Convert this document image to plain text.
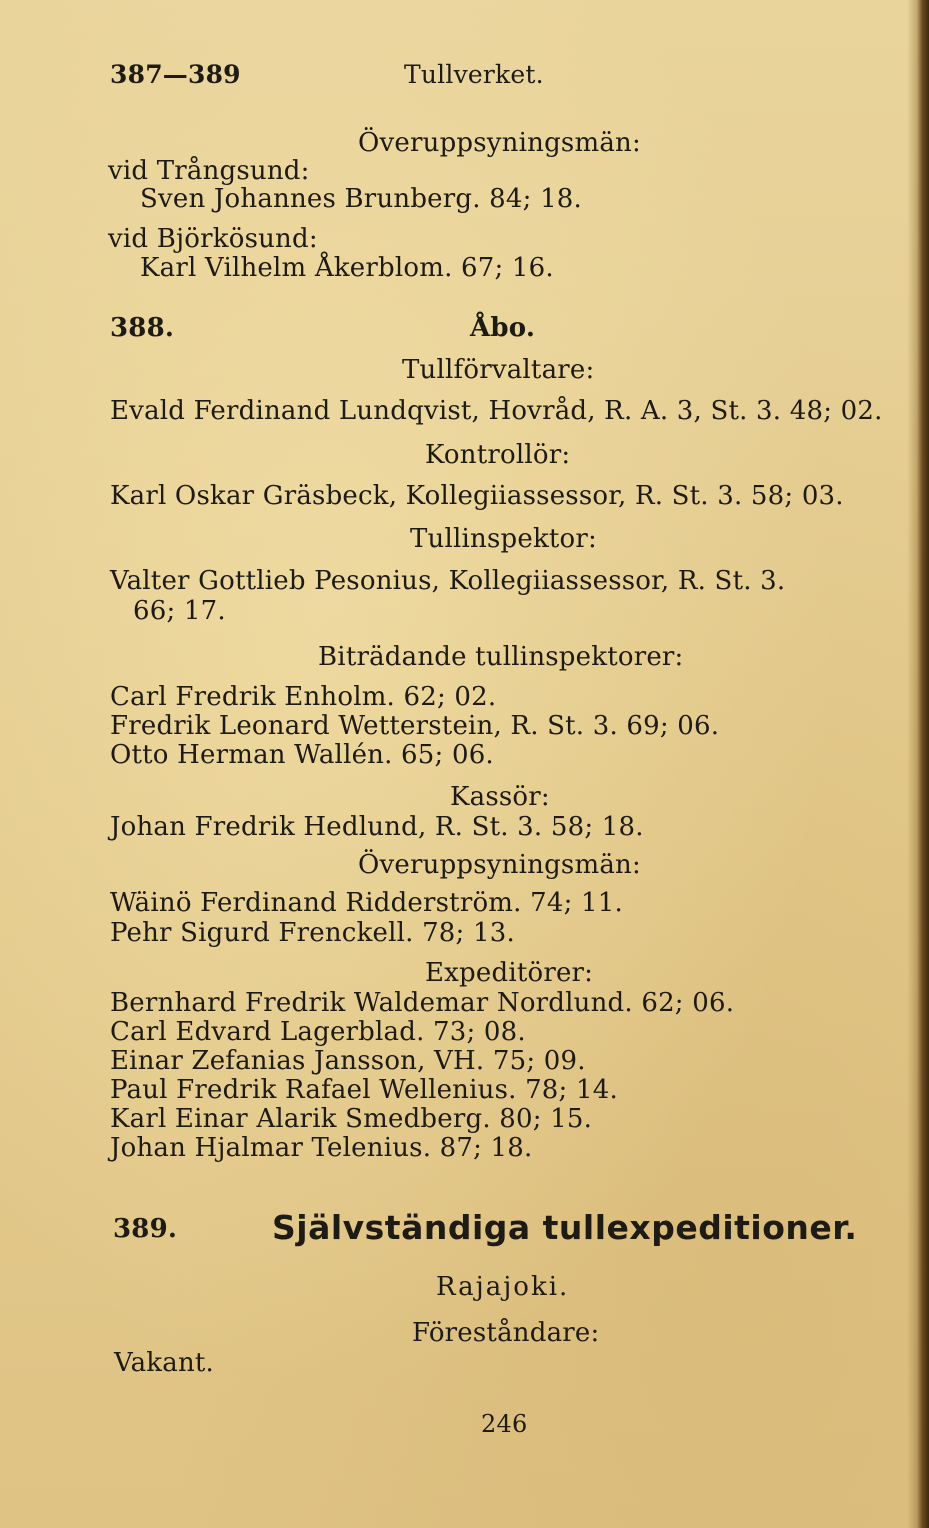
387—389	Tullverket.
Överuppsyningsmän:
vid Trångsund:
Sven Johannes Brunberg. 84; 18.
vid Björkösund:
Karl Vilhelm Åkerblom. 67; 16.
388.	Åbo.
Tullförvaltare:
Evald Ferdinand Lundqvist, Hovråd, R. A. 3, St. 3. 48; 02.
Kontrollör:
Karl Oskar Gräsbeck, Kollegiiassessor, R. St. 3. 58; 03.
Tullinspektor:
Valter Gottlieb Pesonius, Kollegiiassessor, R. St. 3.
66; 17.
Biträdande tullinspektorer:
Carl Fredrik Enholm. 62; 02.
Fredrik Leonard Wetterstein, R. St. 3. 69; 06.
Otto Herman Wallén. 65; 06.
Kassör:
Johan Fredrik Hedlund, R. St. 3. 58; 18.
Överuppsyningsmän:
Wäinö Ferdinand Ridderström. 74; 11.
Pehr Sigurd Frenckell. 78; 13.
Expeditörer:
Bernhard Fredrik Waldemar Nordlund. 62; 06.
Carl Edvard Lagerblad. 73; 08.
Einar Zefanias Jansson, VH. 75; 09.
Paul Fredrik Rafael Wellenius. 78; 14.
Karl Einar Alarik Smedberg. 80; 15.
Johan Hjalmar Telenius. 87; 18.
389.	Självständiga tullexpeditioner.
Rajajoki.
Föreståndare:
Vakant.
246
